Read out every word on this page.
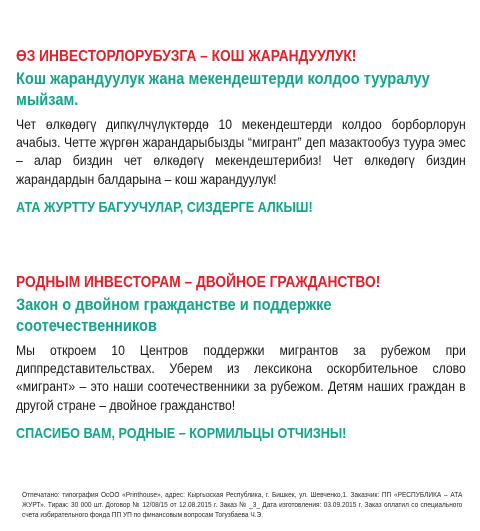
ӨЗ ИНВЕСТОРЛОРУБУЗГА – КОШ ЖАРАНДУУЛУК!
Кош жарандуулук жана мекендештерди колдоо тууралуу мыйзам.

Чет өлкөдөгү дипкүлчүлүктөрдө 10 мекендештерди колдоо борборлорун ачабыз. Четте жүргөн жарандарыбызды “мигрант” деп мазактообуз туура эмес – алар биздин чет өлкөдөгү мекендештерибиз! Чет өлкөдөгү биздин жарандардын балдарына – кош жарандуулук!

АТА ЖУРТТУ БАГУУЧУЛАР, СИЗДЕРГЕ АЛКЫШ!

РОДНЫМ ИНВЕСТОРАМ – ДВОЙНОЕ ГРАЖДАНСТВО!
Закон о двойном гражданстве и поддержке соотечественников

Мы откроем 10 Центров поддержки мигрантов за рубежом при диппредставительствах. Уберем из лексикона оскорбительное слово «мигрант» – это наши соотечественники за рубежом. Детям наших граждан в другой стране – двойное гражданство!

СПАСИБО ВАМ, РОДНЫЕ – КОРМИЛЬЦЫ ОТЧИЗНЫ!

Отпечатано: типография ОсОО «Printhouse», адрес: Кыргызская Республика, г. Бишкек, ул. Шевченко,1. Заказчик: ПП «РЕСПУБЛИКА – АТА ЖУРТ». Тираж: 30 000 шт. Договор № 12/08/15 от 12.08.2015 г. Заказ № _3_ Дата изготовления: 03.09.2015 г. Заказ оплатил со специального счета избирательного фонда ПП УП по финансовым вопросам Тогузбаева Ч.Э.
